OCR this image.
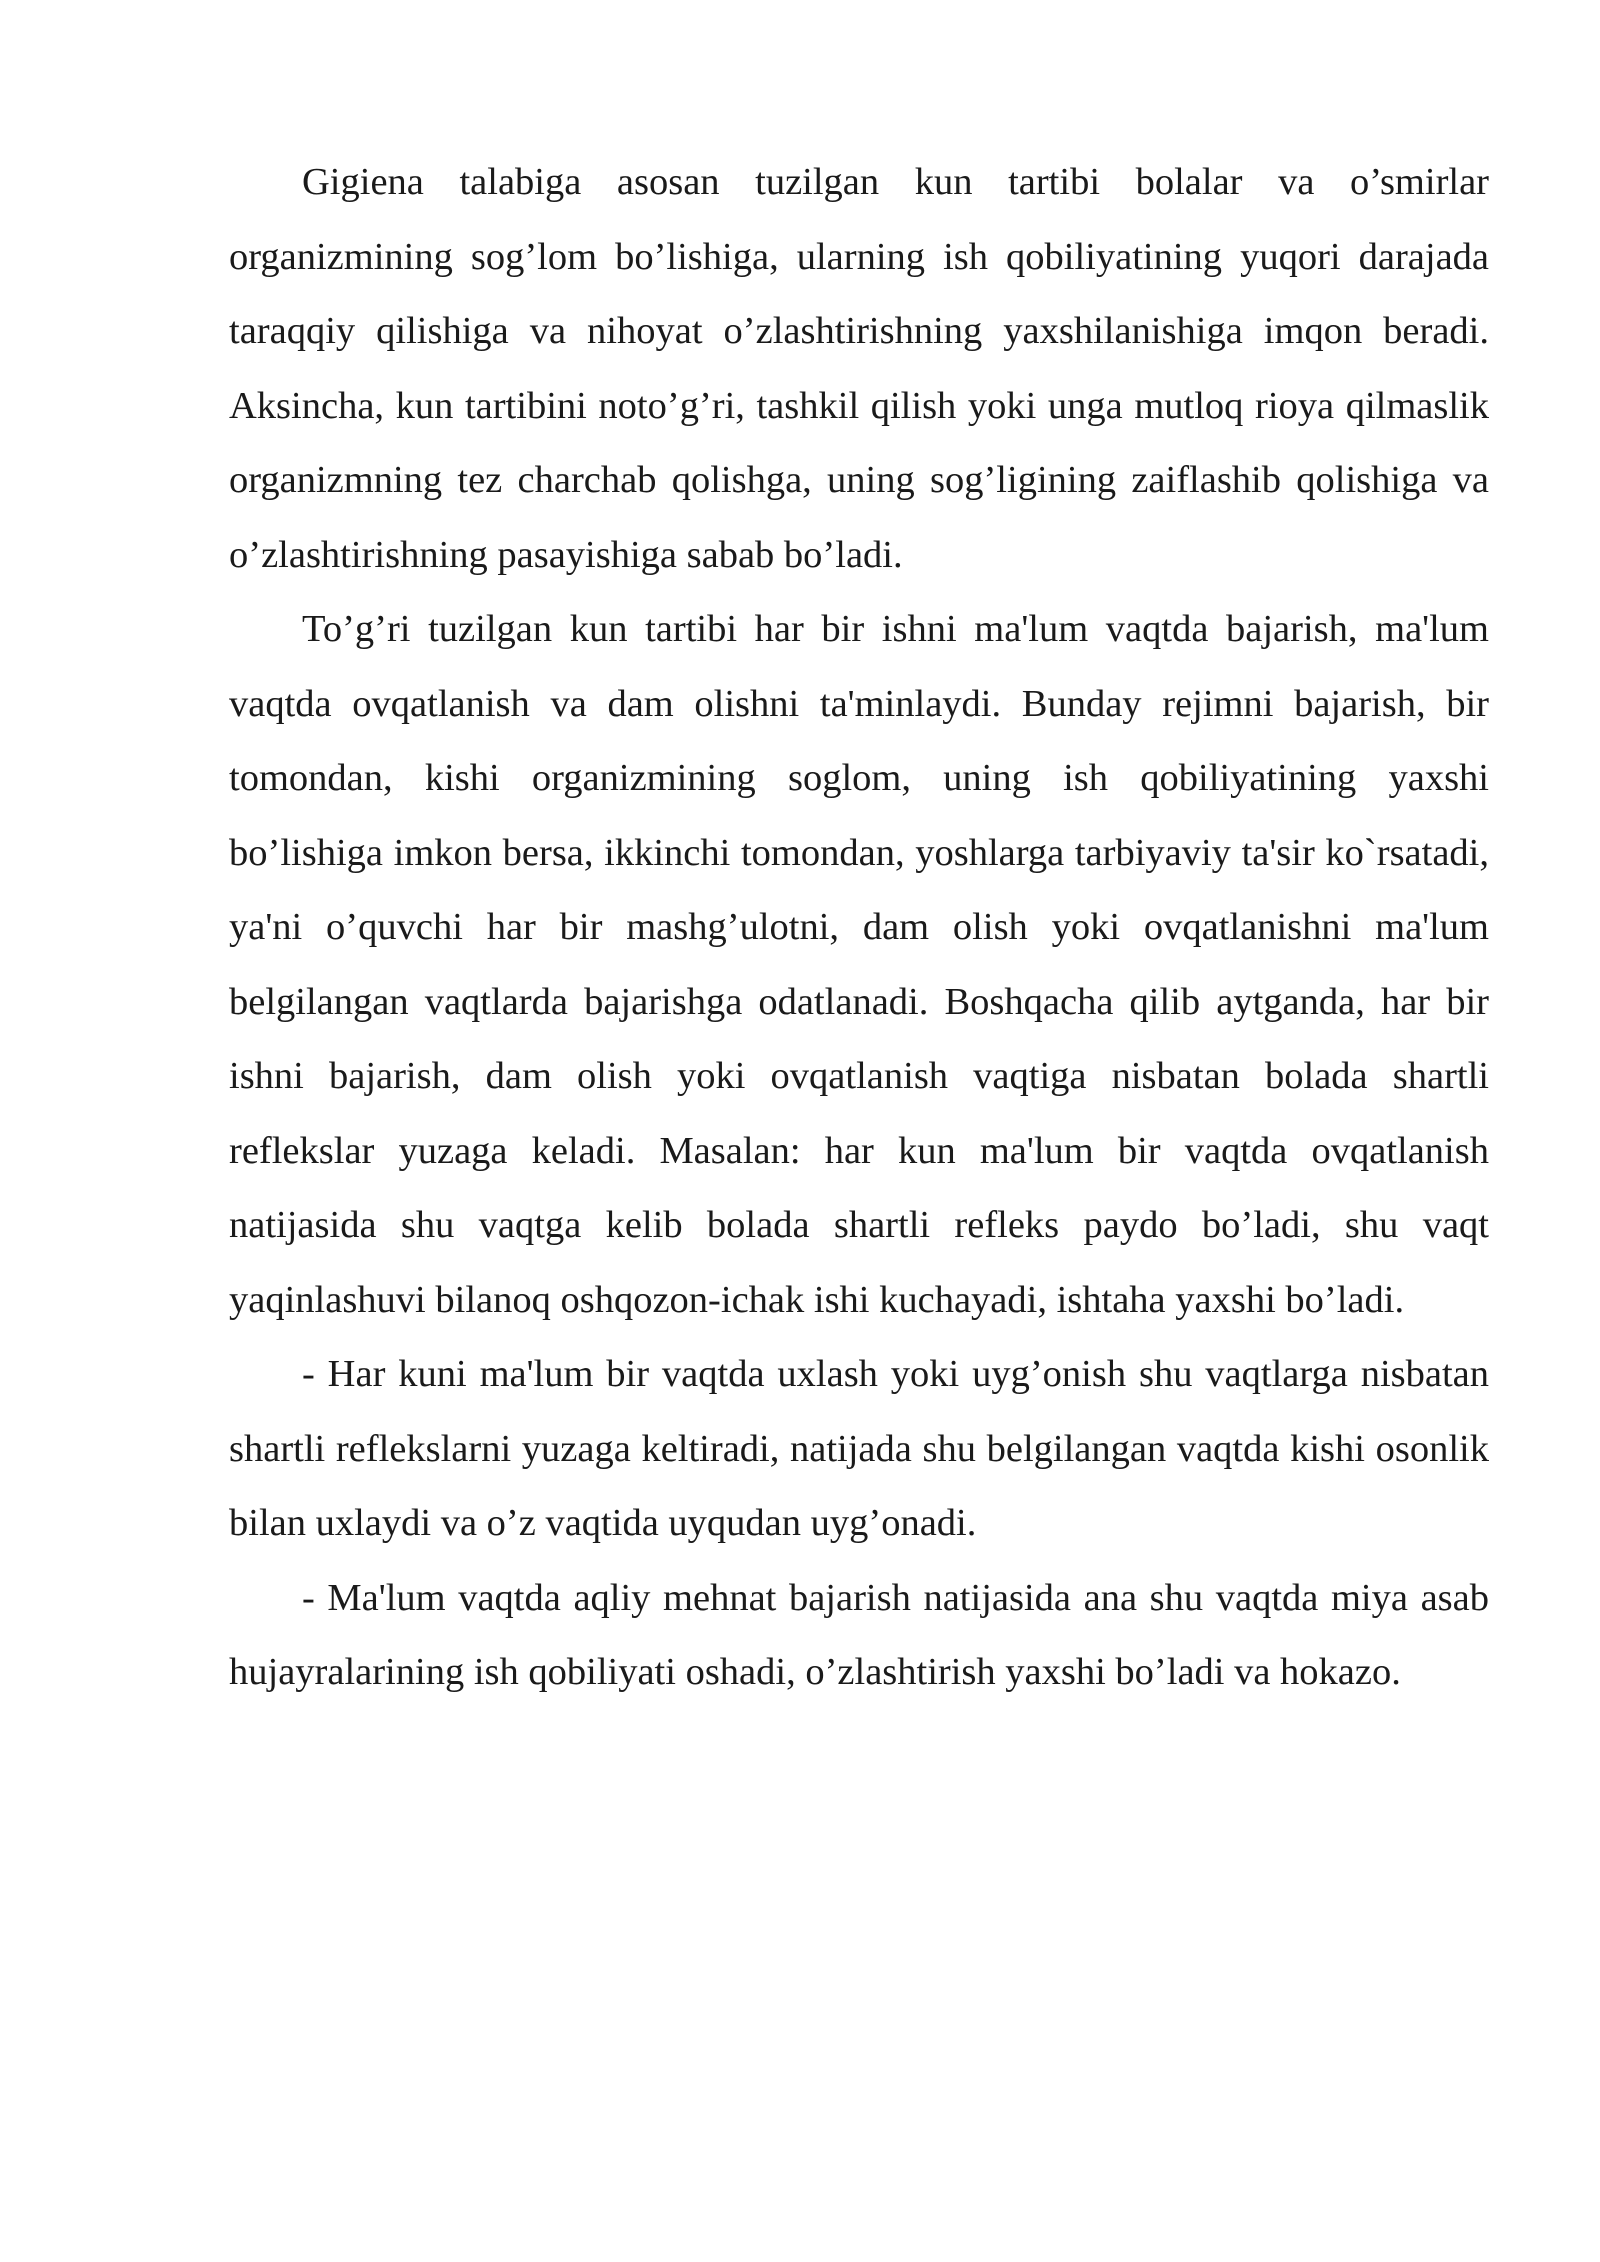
Gigiena talabiga asosan tuzilgan kun tartibi bolalar va o’smirlar organizmining sog’lom bo’lishiga, ularning ish qobiliyatining yuqori darajada taraqqiy qilishiga va nihoyat o’zlashtirishning yaxshilanishiga imqon beradi. Aksincha, kun tartibini noto’g’ri, tashkil qilish yoki unga mutloq rioya qilmaslik organizmning tez charchab qolishga, uning sog’ligining zaiflashib qolishiga va o’zlashtirishning pasayishiga sabab bo’ladi.

To’g’ri tuzilgan kun tartibi har bir ishni ma'lum vaqtda bajarish, ma'lum vaqtda ovqatlanish va dam olishni ta'minlaydi. Bunday rejimni bajarish, bir tomondan, kishi organizmining soglom, uning ish qobiliyatining yaxshi bo’lishiga imkon bersa, ikkinchi tomondan, yoshlarga tarbiyaviy ta'sir ko`rsatadi, ya'ni o’quvchi har bir mashg’ulotni, dam olish yoki ovqatlanishni ma'lum belgilangan vaqtlarda bajarishga odatlanadi. Boshqacha qilib aytganda, har bir ishni bajarish, dam olish yoki ovqatlanish vaqtiga nisbatan bolada shartli reflekslar yuzaga keladi. Masalan: har kun ma'lum bir vaqtda ovqatlanish natijasida shu vaqtga kelib bolada shartli refleks paydo bo’ladi, shu vaqt yaqinlashuvi bilanoq oshqozon-ichak ishi kuchayadi, ishtaha yaxshi bo’ladi.

- Har kuni ma'lum bir vaqtda uxlash yoki uyg’onish shu vaqtlarga nisbatan shartli reflekslarni yuzaga keltiradi, natijada shu belgilangan vaqtda kishi osonlik bilan uxlaydi va o’z vaqtida uyqudan uyg’onadi.

- Ma'lum vaqtda aqliy mehnat bajarish natijasida ana shu vaqtda miya asab hujayralarining ish qobiliyati oshadi, o’zlashtirish yaxshi bo’ladi va hokazo.
